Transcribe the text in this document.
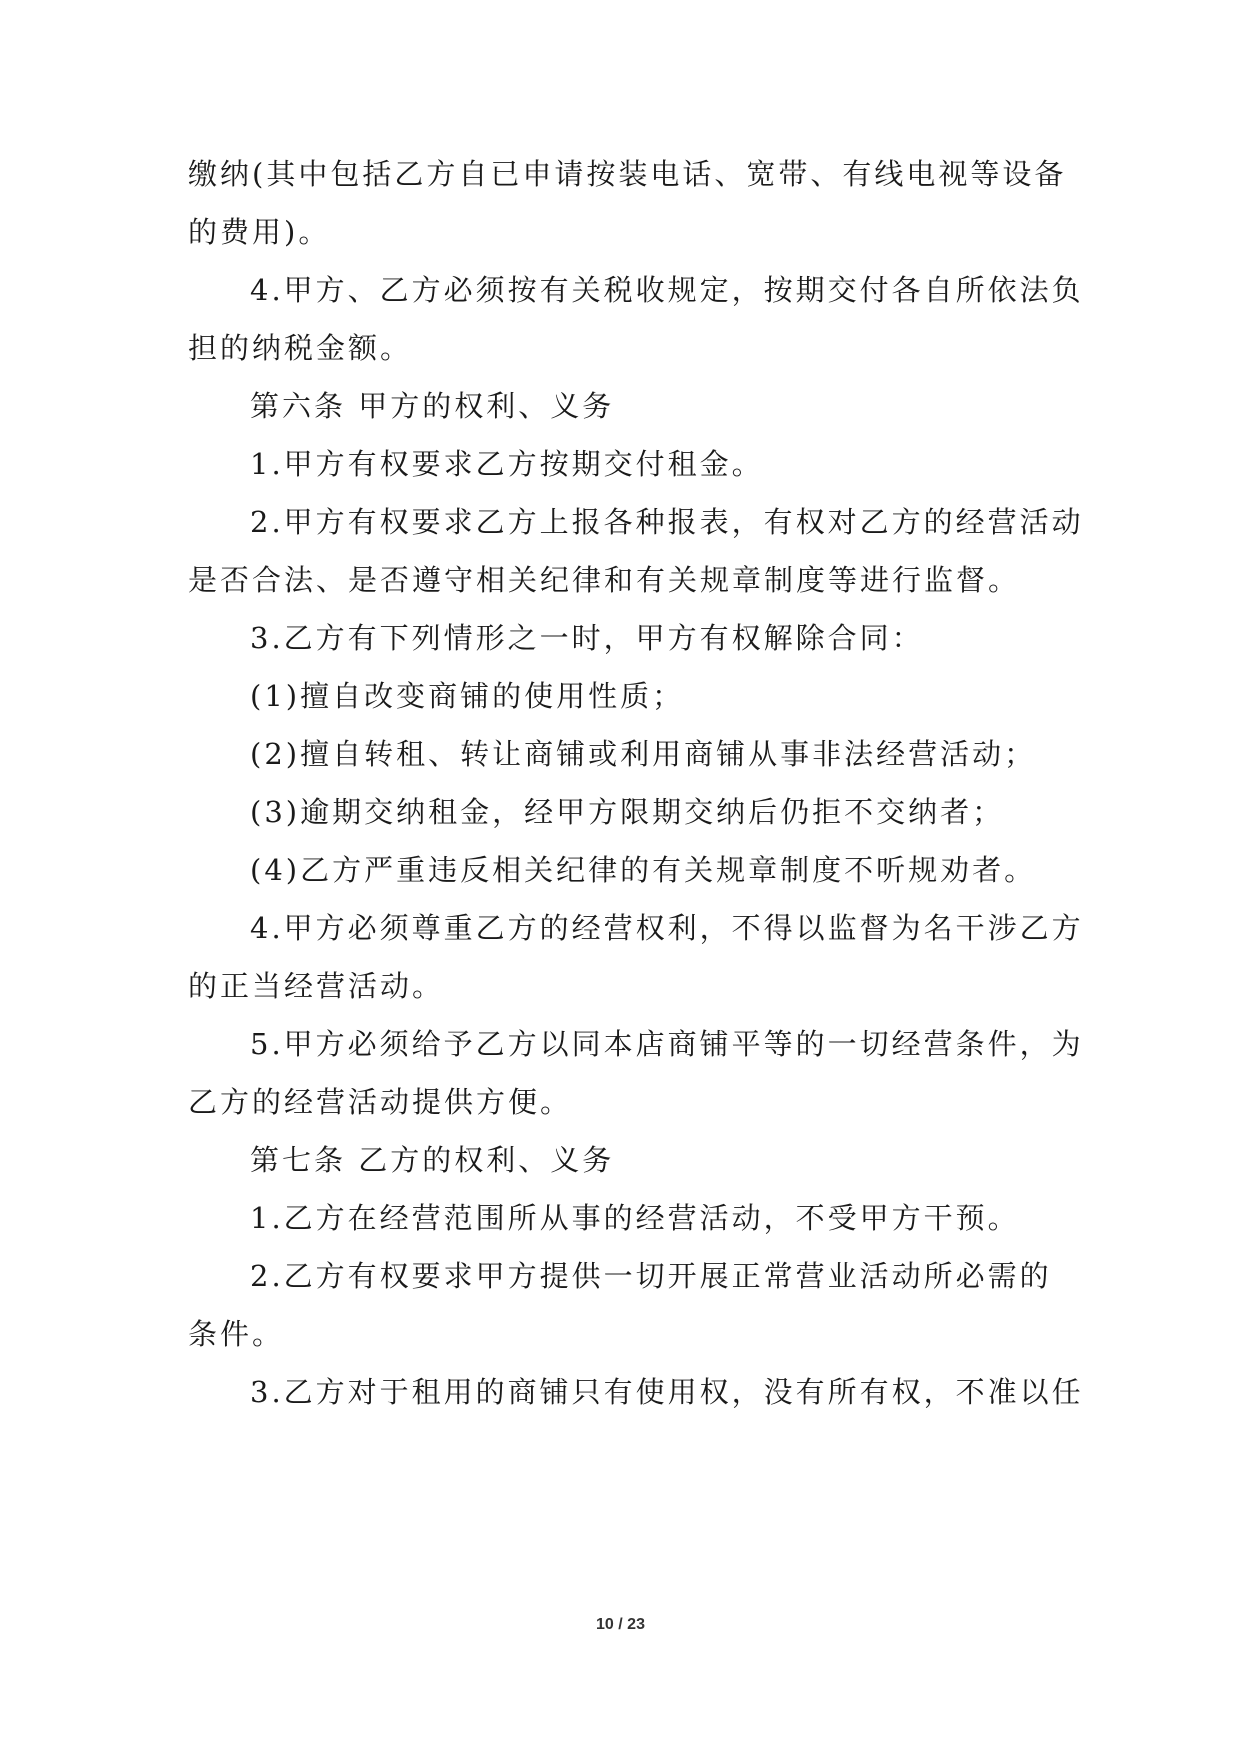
缴纳(其中包括乙方自已申请按装电话、宽带、有线电视等设备
的费用)。
4.甲方、乙方必须按有关税收规定，按期交付各自所依法负
担的纳税金额。
第六条 甲方的权利、义务
1.甲方有权要求乙方按期交付租金。
2.甲方有权要求乙方上报各种报表，有权对乙方的经营活动
是否合法、是否遵守相关纪律和有关规章制度等进行监督。
3.乙方有下列情形之一时，甲方有权解除合同：
(1)擅自改变商铺的使用性质；
(2)擅自转租、转让商铺或利用商铺从事非法经营活动；
(3)逾期交纳租金，经甲方限期交纳后仍拒不交纳者；
(4)乙方严重违反相关纪律的有关规章制度不听规劝者。
4.甲方必须尊重乙方的经营权利，不得以监督为名干涉乙方
的正当经营活动。
5.甲方必须给予乙方以同本店商铺平等的一切经营条件，为
乙方的经营活动提供方便。
第七条 乙方的权利、义务
1.乙方在经营范围所从事的经营活动，不受甲方干预。
2.乙方有权要求甲方提供一切开展正常营业活动所必需的
条件。
3.乙方对于租用的商铺只有使用权，没有所有权，不准以任
10 / 23
